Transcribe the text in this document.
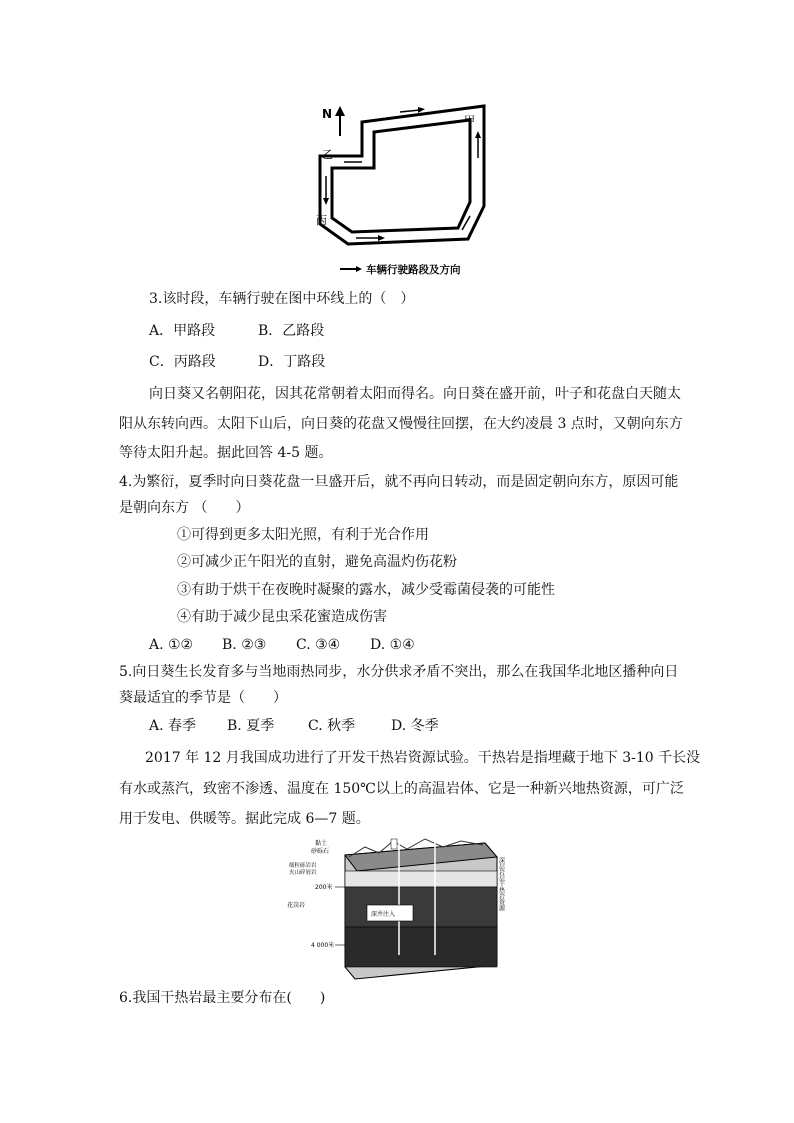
N	甲
乙
丙
车辆行驶路段及方向
3.该时段，车辆行驶在图中环线上的（　）
A．甲路段	B．乙路段
C．丙路段	D．丁路段
向日葵又名朝阳花，因其花常朝着太阳而得名。向日葵在盛开前，叶子和花盘白天随太
阳从东转向西。太阳下山后，向日葵的花盘又慢慢往回摆，在大约凌晨 3 点时，又朝向东方
等待太阳升起。据此回答 4-5 题。
4.为繁衍，夏季时向日葵花盘一旦盛开后，就不再向日转动，而是固定朝向东方，原因可能
是朝向东方 （　　）
①可得到更多太阳光照，有利于光合作用
②可减少正午阳光的直射，避免高温灼伤花粉
③有助于烘干在夜晚时凝聚的露水，减少受霉菌侵袭的可能性
④有助于减少昆虫采花蜜造成伤害
A. ①② B. ②③ C. ③④ D. ①④
5.向日葵生长发育多与当地雨热同步，水分供求矛盾不突出，那么在我国华北地区播种向日
葵最适宜的季节是（　　）
A. 春季 B. 夏季 C. 秋季	D. 冬季
2017 年 12 月我国成功进行了开发干热岩资源试验。干热岩是指埋藏于地下 3-10 千长没
有水或蒸汽，致密不渗透、温度在 150℃以上的高温岩体、它是一种新兴地热资源，可广泛
用于发电、供暖等。据此完成 6—7 题。
深井注入
黏土
砂砾石
细粒砾岩岩
火山碎屑岩
200米
花岗岩
4 000米
深层岩层干热岩资源
6.我国干热岩最主要分布在(　　)
